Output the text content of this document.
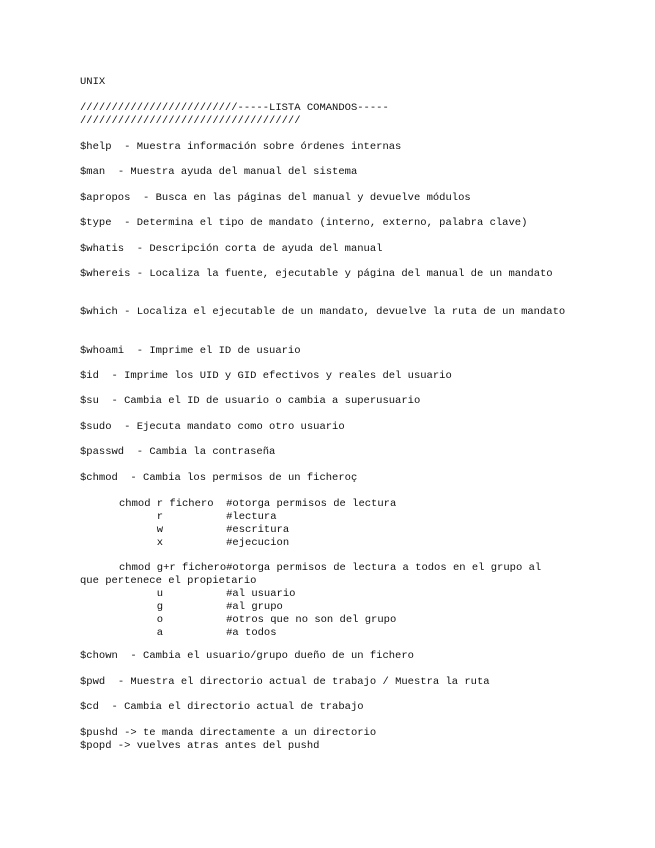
UNIX

/////////////////////////-----LISTA COMANDOS-----

///////////////////////////////////

$help  - Muestra información sobre órdenes internas

$man  - Muestra ayuda del manual del sistema

$apropos  - Busca en las páginas del manual y devuelve módulos

$type  - Determina el tipo de mandato (interno, externo, palabra clave)

$whatis  - Descripción corta de ayuda del manual

$whereis - Localiza la fuente, ejecutable y página del manual de un mandato

$which - Localiza el ejecutable de un mandato, devuelve la ruta de un mandato

$whoami  - Imprime el ID de usuario

$id  - Imprime los UID y GID efectivos y reales del usuario

$su  - Cambia el ID de usuario o cambia a superusuario

$sudo  - Ejecuta mandato como otro usuario

$passwd  - Cambia la contraseña

$chmod  - Cambia los permisos de un ficheroç

chmod r fichero  #otorga permisos de lectura

r          #lectura

w          #escritura

x          #ejecucion

chmod g+r fichero#otorga permisos de lectura a todos en el grupo al

que pertenece el propietario

u          #al usuario

g          #al grupo

o          #otros que no son del grupo

a          #a todos

$chown  - Cambia el usuario/grupo dueño de un fichero

$pwd  - Muestra el directorio actual de trabajo / Muestra la ruta

$cd  - Cambia el directorio actual de trabajo

$pushd -> te manda directamente a un directorio

$popd -> vuelves atras antes del pushd
